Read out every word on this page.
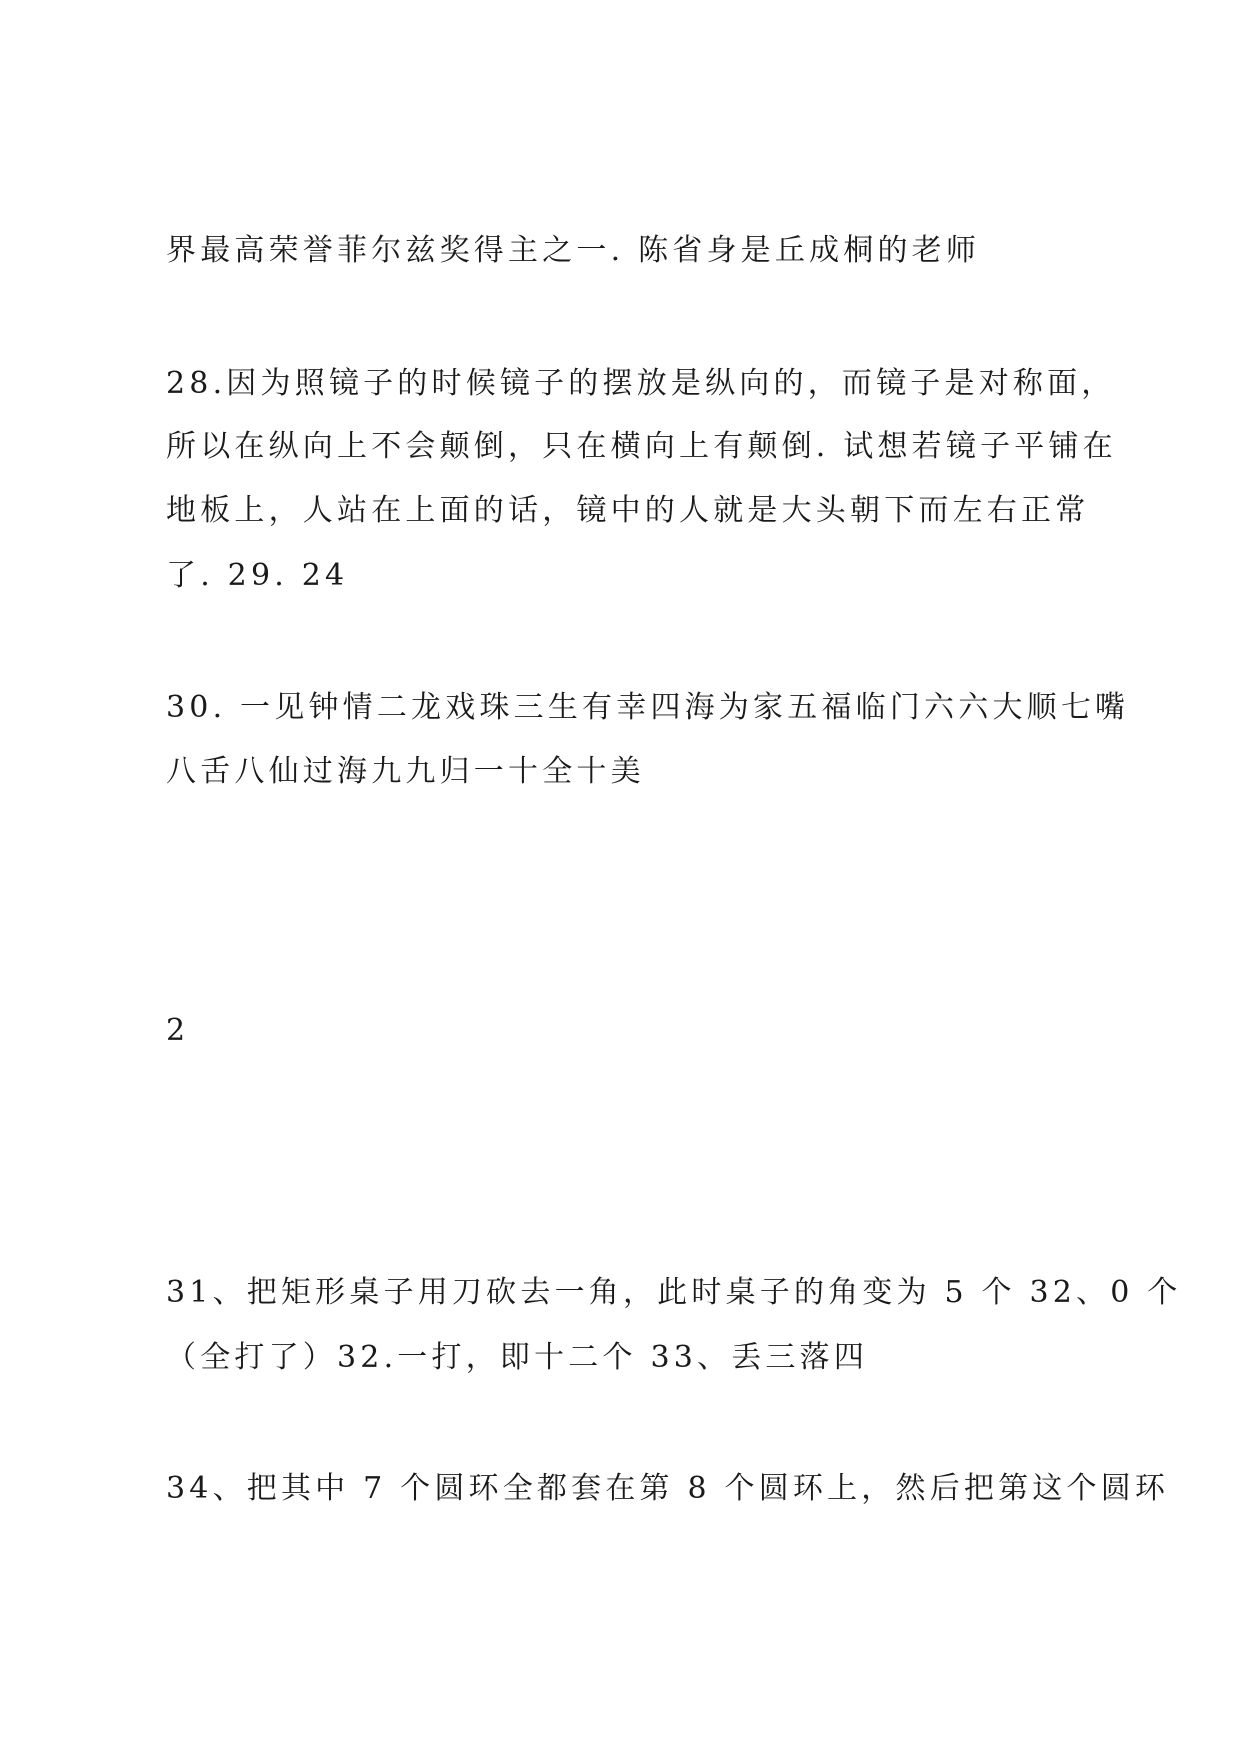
界最高荣誉菲尔兹奖得主之一. 陈省身是丘成桐的老师
28.因为照镜子的时候镜子的摆放是纵向的，而镜子是对称面，
所以在纵向上不会颠倒，只在横向上有颠倒. 试想若镜子平铺在
地板上，人站在上面的话，镜中的人就是大头朝下而左右正常
了. 29. 24
30. 一见钟情二龙戏珠三生有幸四海为家五福临门六六大顺七嘴
八舌八仙过海九九归一十全十美
2
31、把矩形桌子用刀砍去一角，此时桌子的角变为 5 个 32、0 个
（全打了）32.一打，即十二个 33、丢三落四
34、把其中 7 个圆环全都套在第 8 个圆环上，然后把第这个圆环
